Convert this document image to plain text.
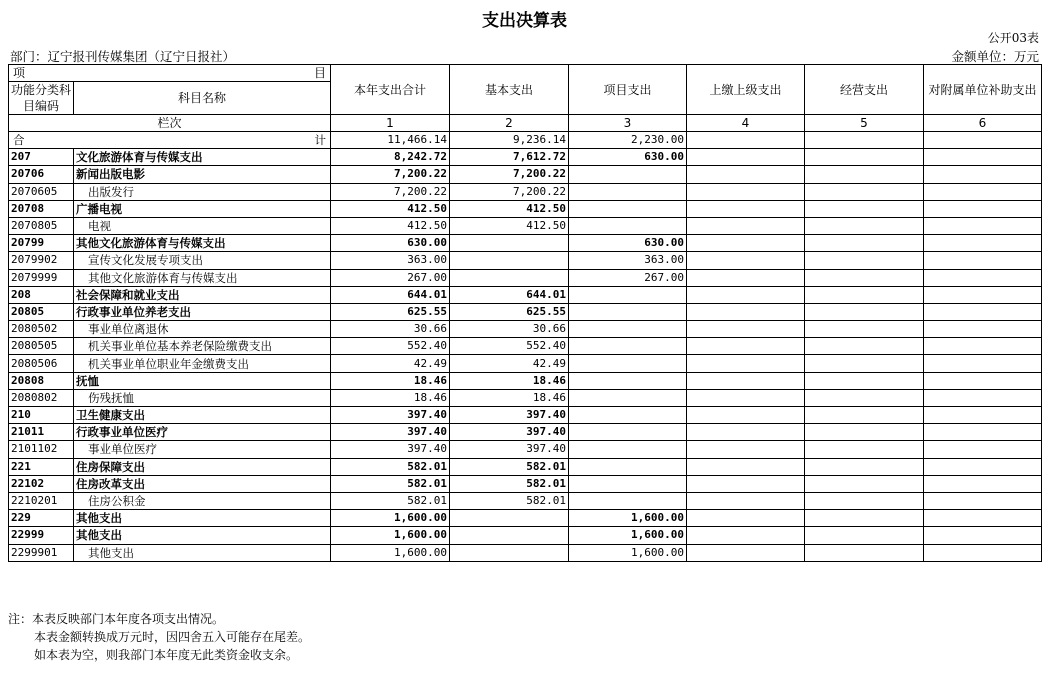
支出决算表
公开03表
部门：辽宁报刊传媒集团（辽宁日报社）	金额单位：万元
项 目		本年支出合计	基本支出	项目支出	上缴上级支出	经营支出	对附属单位补助支出
功能分类科目编码	科目名称						

栏次		1	2	3	4	5	6

合 计		11,466.14	9,236.14	2,230.00			
207	文化旅游体育与传媒支出	8,242.72	7,612.72	630.00			
20706	新闻出版电影	7,200.22	7,200.22				
2070605	出版发行	7,200.22	7,200.22				
20708	广播电视	412.50	412.50				
2070805	电视	412.50	412.50				
20799	其他文化旅游体育与传媒支出	630.00		630.00			
2079902	宣传文化发展专项支出	363.00		363.00			
2079999	其他文化旅游体育与传媒支出	267.00		267.00			
208	社会保障和就业支出	644.01	644.01				
20805	行政事业单位养老支出	625.55	625.55				
2080502	事业单位离退休	30.66	30.66				
2080505	机关事业单位基本养老保险缴费支出	552.40	552.40				
2080506	机关事业单位职业年金缴费支出	42.49	42.49				
20808	抚恤	18.46	18.46				
2080802	伤残抚恤	18.46	18.46				
210	卫生健康支出	397.40	397.40				
21011	行政事业单位医疗	397.40	397.40				
2101102	事业单位医疗	397.40	397.40				
221	住房保障支出	582.01	582.01				
22102	住房改革支出	582.01	582.01				
2210201	住房公积金	582.01	582.01				
229	其他支出	1,600.00		1,600.00			
22999	其他支出	1,600.00		1,600.00			
2299901	其他支出	1,600.00		1,600.00			
注：本表反映部门本年度各项支出情况。
本表金额转换成万元时，因四舍五入可能存在尾差。
如本表为空，则我部门本年度无此类资金收支余。
